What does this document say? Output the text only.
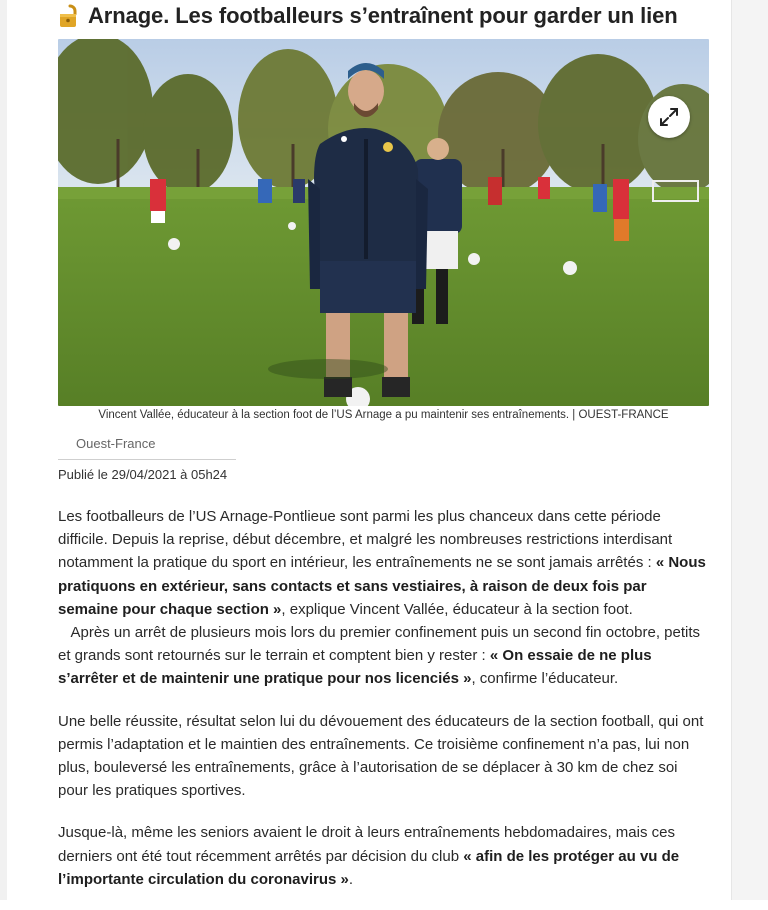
Arnage. Les footballeurs s’entraînent pour garder un lien
Vincent Vallée, éducateur à la section foot de l’US Arnage a pu maintenir ses entraînements. | OUEST-FRANCE
Ouest-France
Publié le 29/04/2021 à 05h24

Les footballeurs de l’US Arnage-Pontlieue sont parmi les plus chanceux dans cette période difficile. Depuis la reprise, début décembre, et malgré les nombreuses restrictions interdisant notamment la pratique du sport en intérieur, les entraînements ne se sont jamais arrêtés : « Nous pratiquons en extérieur, sans contacts et sans vestiaires, à raison de deux fois par semaine pour chaque section », explique Vincent Vallée, éducateur à la section foot.
Après un arrêt de plusieurs mois lors du premier confinement puis un second fin octobre, petits et grands sont retournés sur le terrain et comptent bien y rester : « On essaie de ne plus s’arrêter et de maintenir une pratique pour nos licenciés », confirme l’éducateur.

Une belle réussite, résultat selon lui du dévouement des éducateurs de la section football, qui ont permis l’adaptation et le maintien des entraînements. Ce troisième confinement n’a pas, lui non plus, bouleversé les entraînements, grâce à l’autorisation de se déplacer à 30 km de chez soi pour les pratiques sportives.

Jusque-là, même les seniors avaient le droit à leurs entraînements hebdomadaires, mais ces derniers ont été tout récemment arrêtés par décision du club « afin de les protéger au vu de l’importante circulation du coronavirus ».
